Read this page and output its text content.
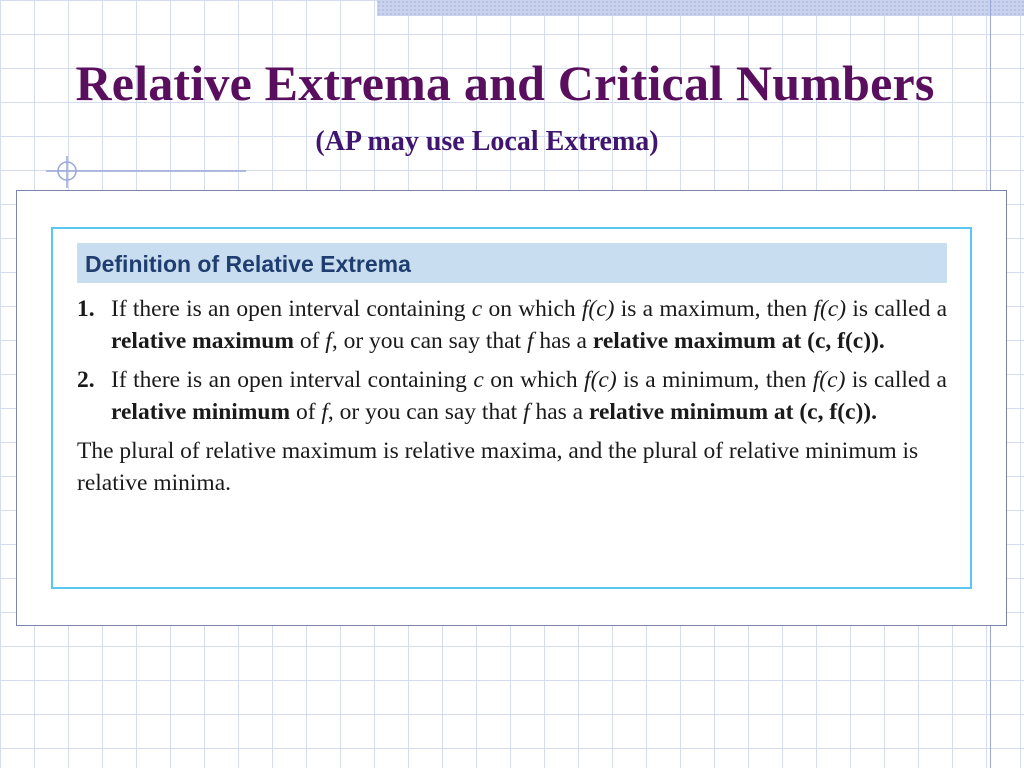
Relative Extrema and Critical Numbers
(AP may use Local Extrema)
Definition of Relative Extrema
1. If there is an open interval containing c on which f(c) is a maximum, then f(c) is called a relative maximum of f, or you can say that f has a relative maximum at (c, f(c)).
2. If there is an open interval containing c on which f(c) is a minimum, then f(c) is called a relative minimum of f, or you can say that f has a relative minimum at (c, f(c)).
The plural of relative maximum is relative maxima, and the plural of relative minimum is relative minima.
